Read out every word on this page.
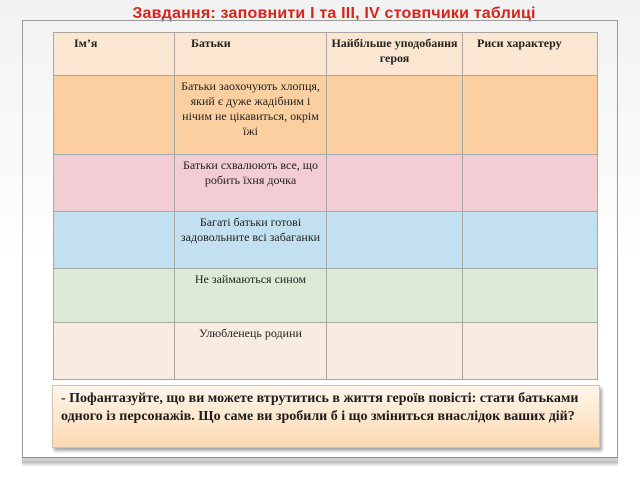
Завдання: заповнити І та ІІІ, IV стовпчики таблиці
Ім’я	Батьки	Найбільше уподобання героя	Риси характеру
	Батьки заохочують хлопця, який є дуже жадібним і нічим не цікавиться, окрім їжі		
	Батьки схвалюють все, що робить їхня дочка		
	Багаті батьки готові задовольните всі забаганки		
	Не займаються сином		
	Улюбленець родини		
- Пофантазуйте, що ви можете втрутитись в життя героїв повісті: стати батьками одного із персонажів. Що саме ви зробили б і що зміниться внаслідок ваших дій?
